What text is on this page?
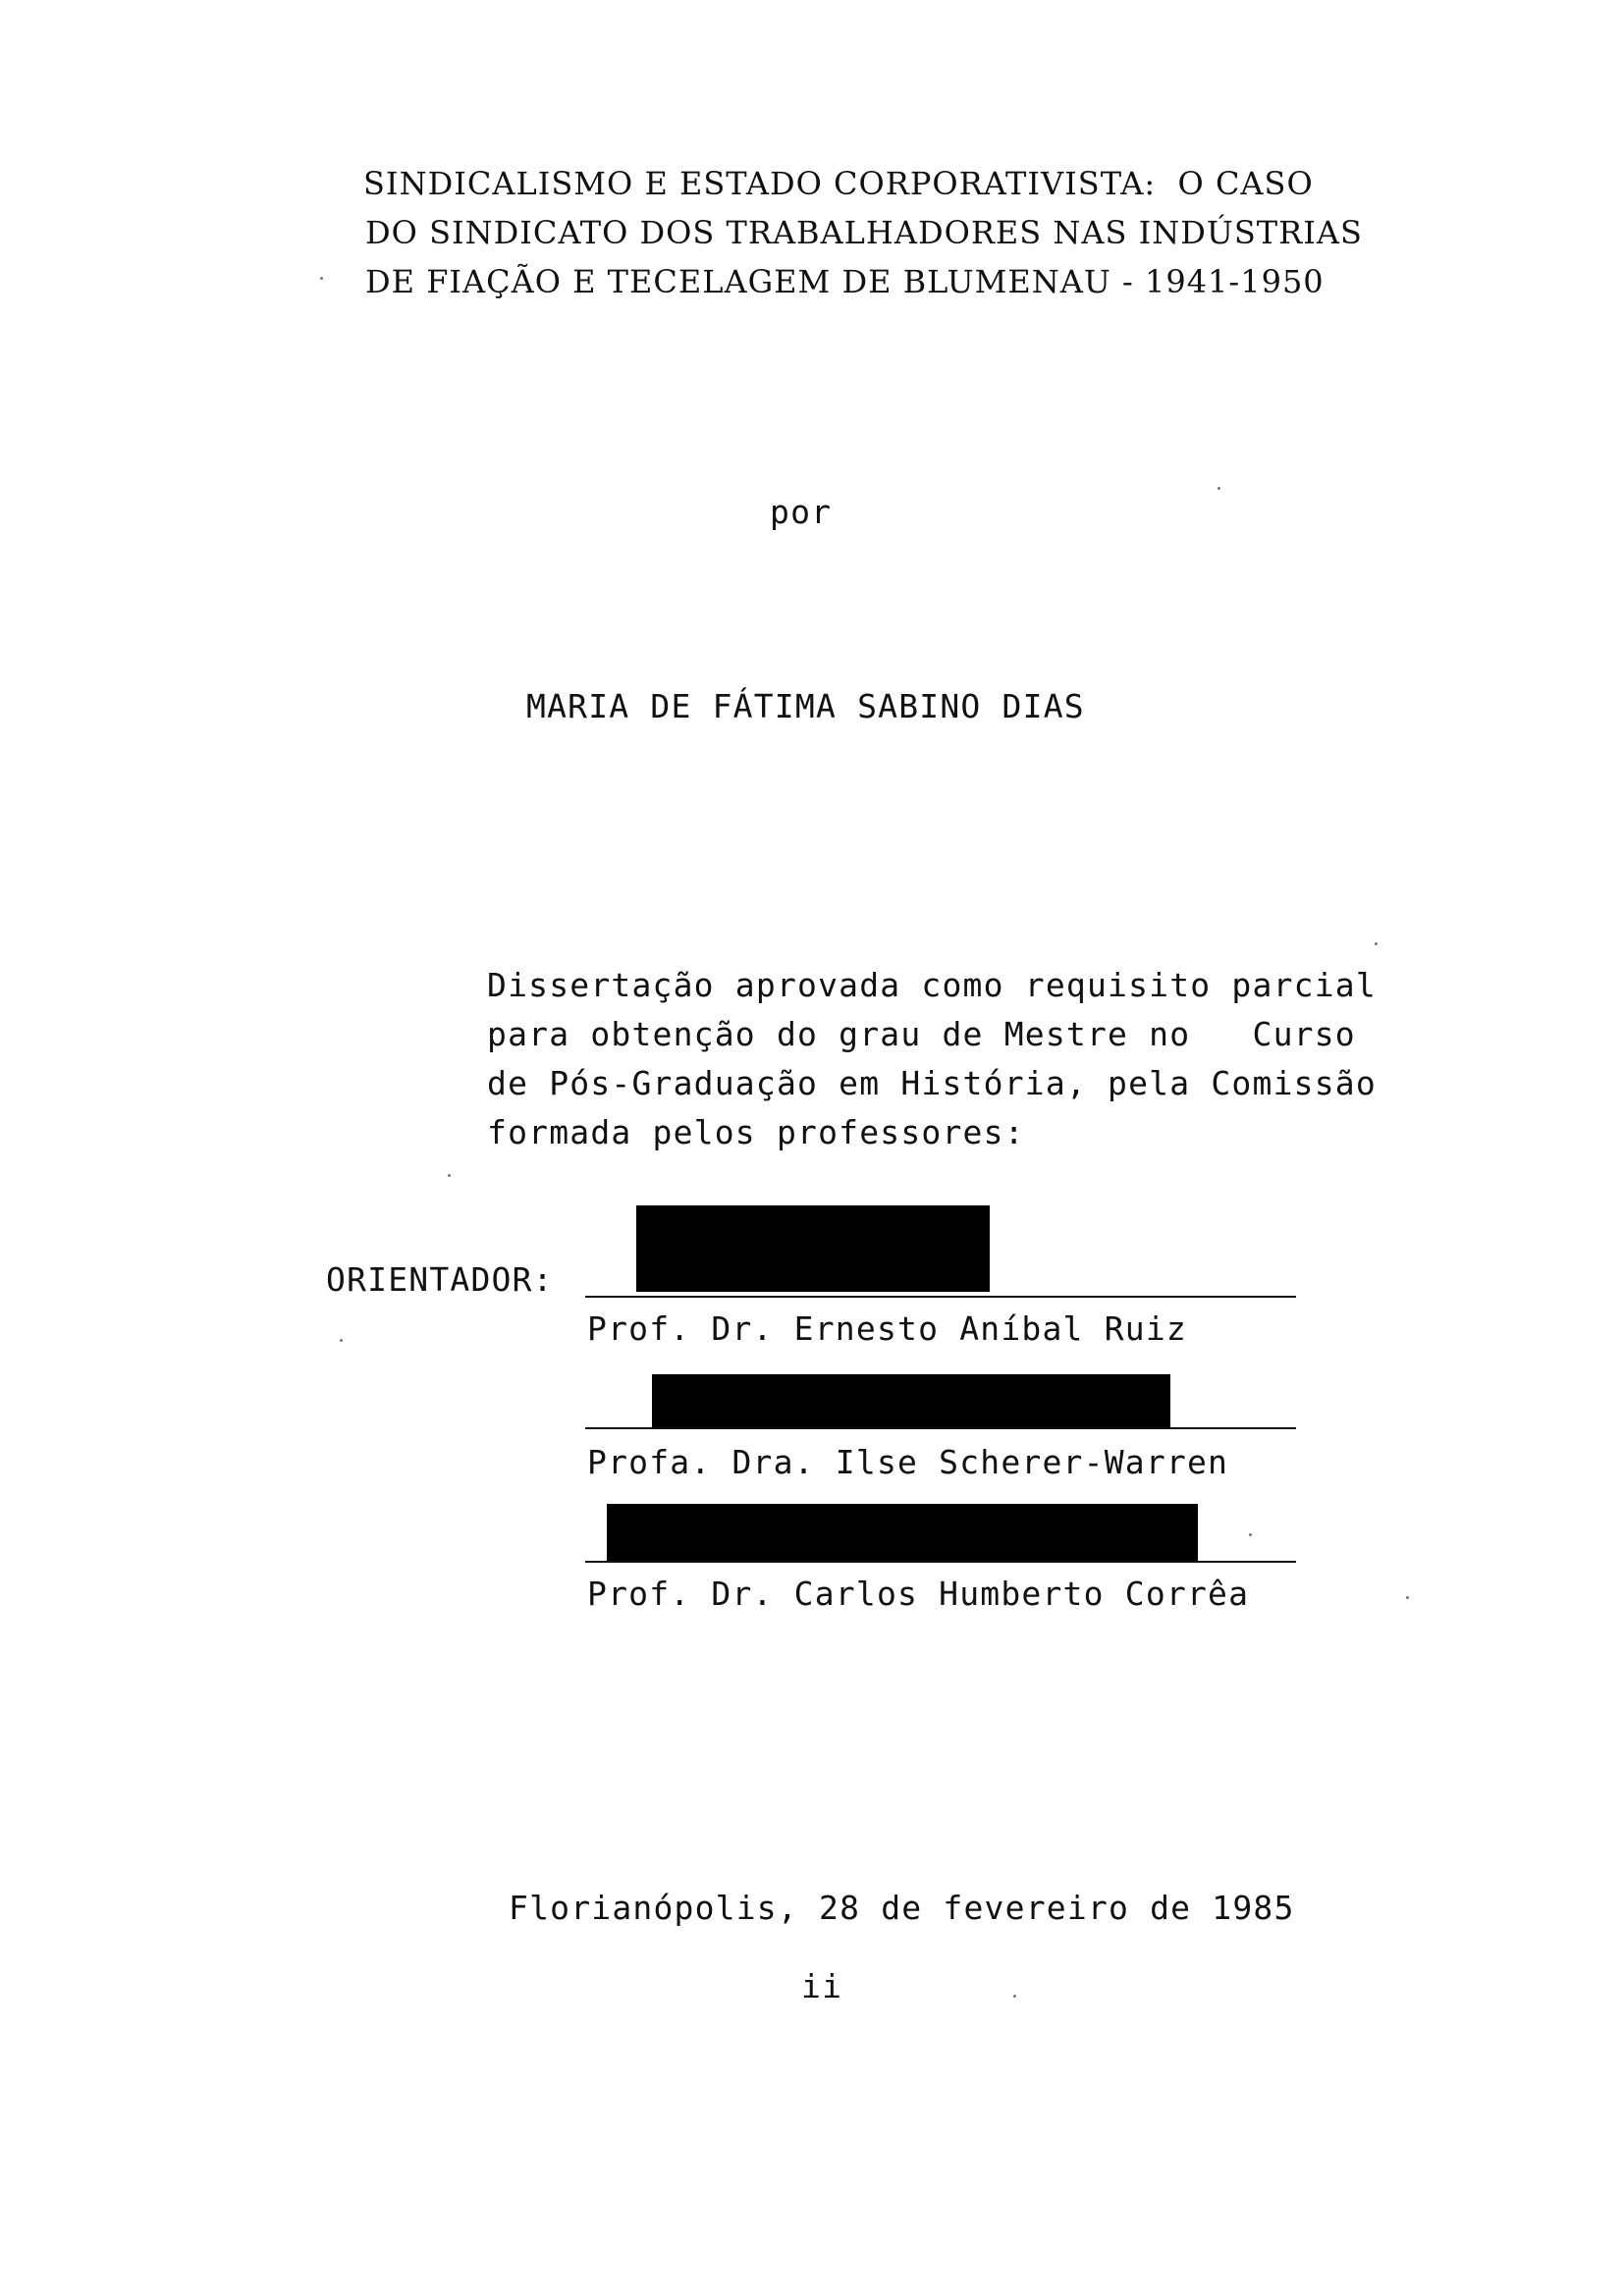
SINDICALISMO E ESTADO CORPORATIVISTA:  O CASO
DO SINDICATO DOS TRABALHADORES NAS INDÚSTRIAS
DE FIAÇÃO E TECELAGEM DE BLUMENAU - 1941-1950
por
MARIA DE FÁTIMA SABINO DIAS
Dissertação aprovada como requisito parcial
para obtenção do grau de Mestre no   Curso
de Pós-Graduação em História, pela Comissão
formada pelos professores:
ORIENTADOR:
Prof. Dr. Ernesto Aníbal Ruiz
Profa. Dra. Ilse Scherer-Warren
Prof. Dr. Carlos Humberto Corrêa
Florianópolis, 28 de fevereiro de 1985
ii
